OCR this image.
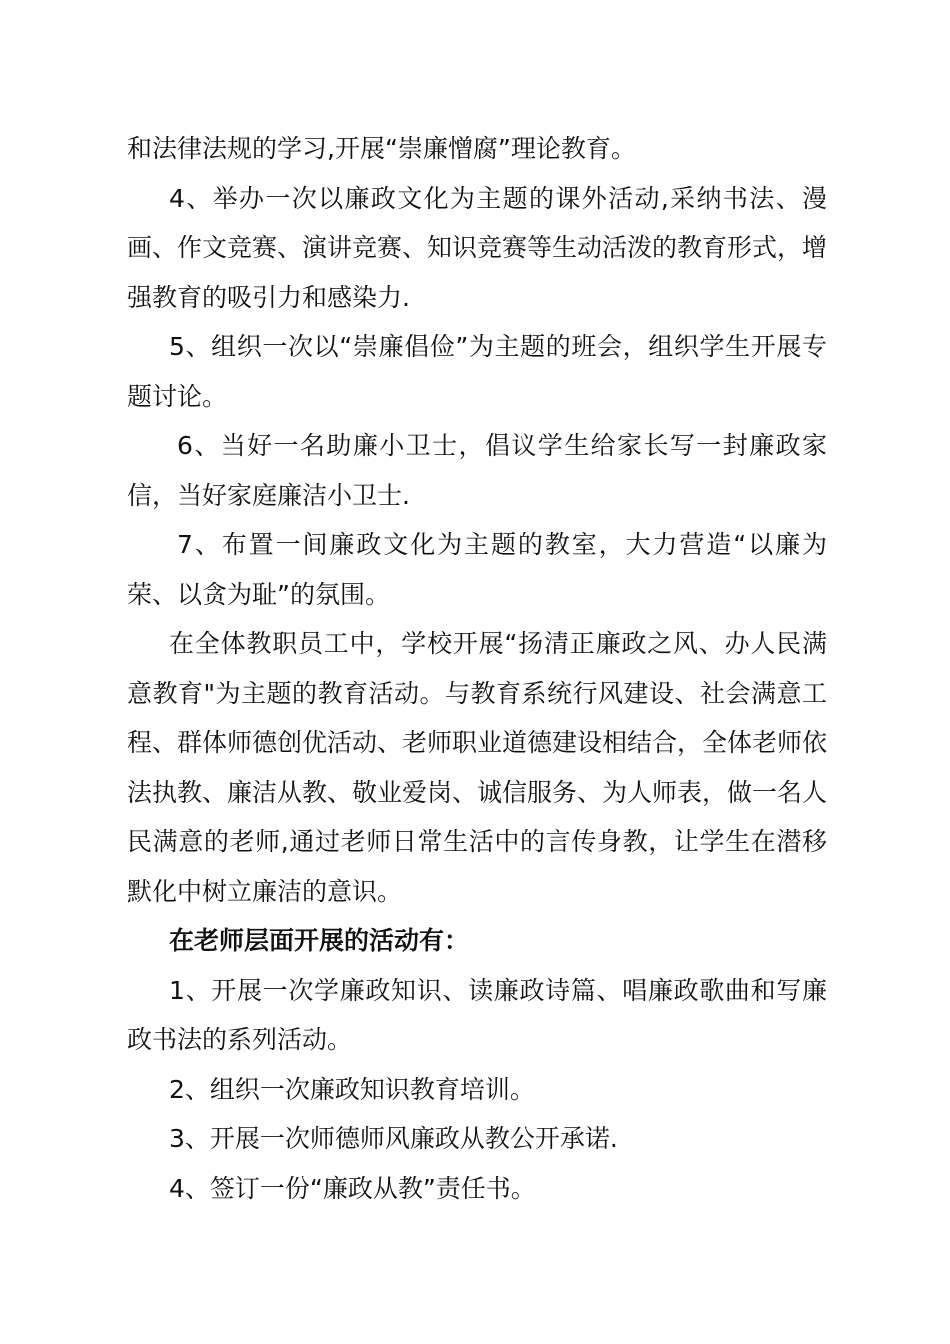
和法律法规的学习,开展“崇廉憎腐”理论教育。

4、举办一次以廉政文化为主题的课外活动,采纳书法、漫画、作文竞赛、演讲竞赛、知识竞赛等生动活泼的教育形式，增强教育的吸引力和感染力.

5、组织一次以“崇廉倡俭”为主题的班会，组织学生开展专题讨论。

6、当好一名助廉小卫士，倡议学生给家长写一封廉政家信，当好家庭廉洁小卫士.

7、布置一间廉政文化为主题的教室，大力营造“以廉为荣、以贪为耻”的氛围。

在全体教职员工中，学校开展“扬清正廉政之风、办人民满意教育"为主题的教育活动。与教育系统行风建设、社会满意工程、群体师德创优活动、老师职业道德建设相结合，全体老师依法执教、廉洁从教、敬业爱岗、诚信服务、为人师表，做一名人民满意的老师,通过老师日常生活中的言传身教，让学生在潜移默化中树立廉洁的意识。

在老师层面开展的活动有：

1、开展一次学廉政知识、读廉政诗篇、唱廉政歌曲和写廉政书法的系列活动。

2、组织一次廉政知识教育培训。

3、开展一次师德师风廉政从教公开承诺.

4、签订一份“廉政从教”责任书。
